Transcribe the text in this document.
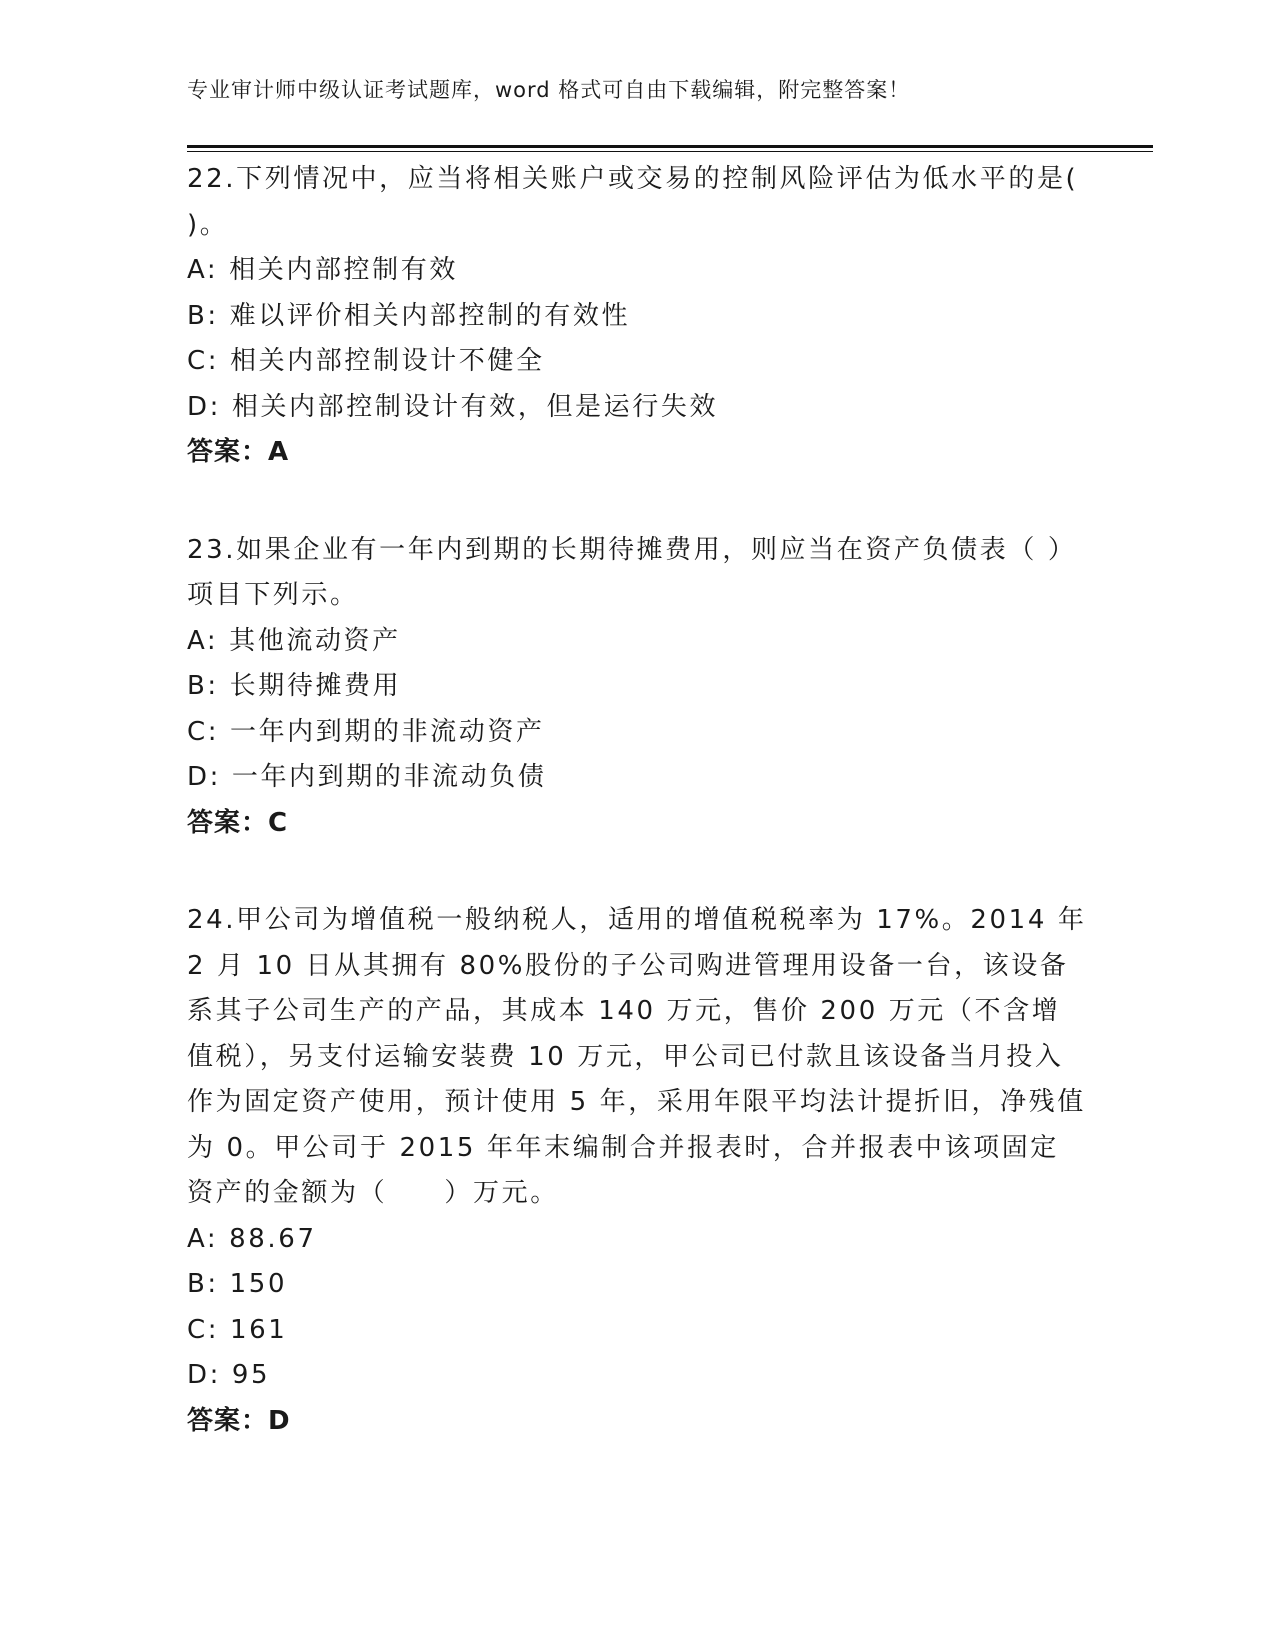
专业审计师中级认证考试题库，word 格式可自由下载编辑，附完整答案！

22.下列情况中，应当将相关账户或交易的控制风险评估为低水平的是( )。

A: 相关内部控制有效
B: 难以评价相关内部控制的有效性
C: 相关内部控制设计不健全
D: 相关内部控制设计有效，但是运行失效

答案：A

23.如果企业有一年内到期的长期待摊费用，则应当在资产负债表（ ）项目下列示。

A: 其他流动资产
B: 长期待摊费用
C: 一年内到期的非流动资产
D: 一年内到期的非流动负债

答案：C

24.甲公司为增值税一般纳税人，适用的增值税税率为 17%。2014 年 2 月 10 日从其拥有 80%股份的子公司购进管理用设备一台，该设备系其子公司生产的产品，其成本 140 万元，售价 200 万元（不含增值税），另支付运输安装费 10 万元，甲公司已付款且该设备当月投入作为固定资产使用，预计使用 5 年，采用年限平均法计提折旧，净残值为 0。甲公司于 2015 年年末编制合并报表时，合并报表中该项固定资产的金额为（　　）万元。

A: 88.67
B: 150
C: 161
D: 95

答案：D
